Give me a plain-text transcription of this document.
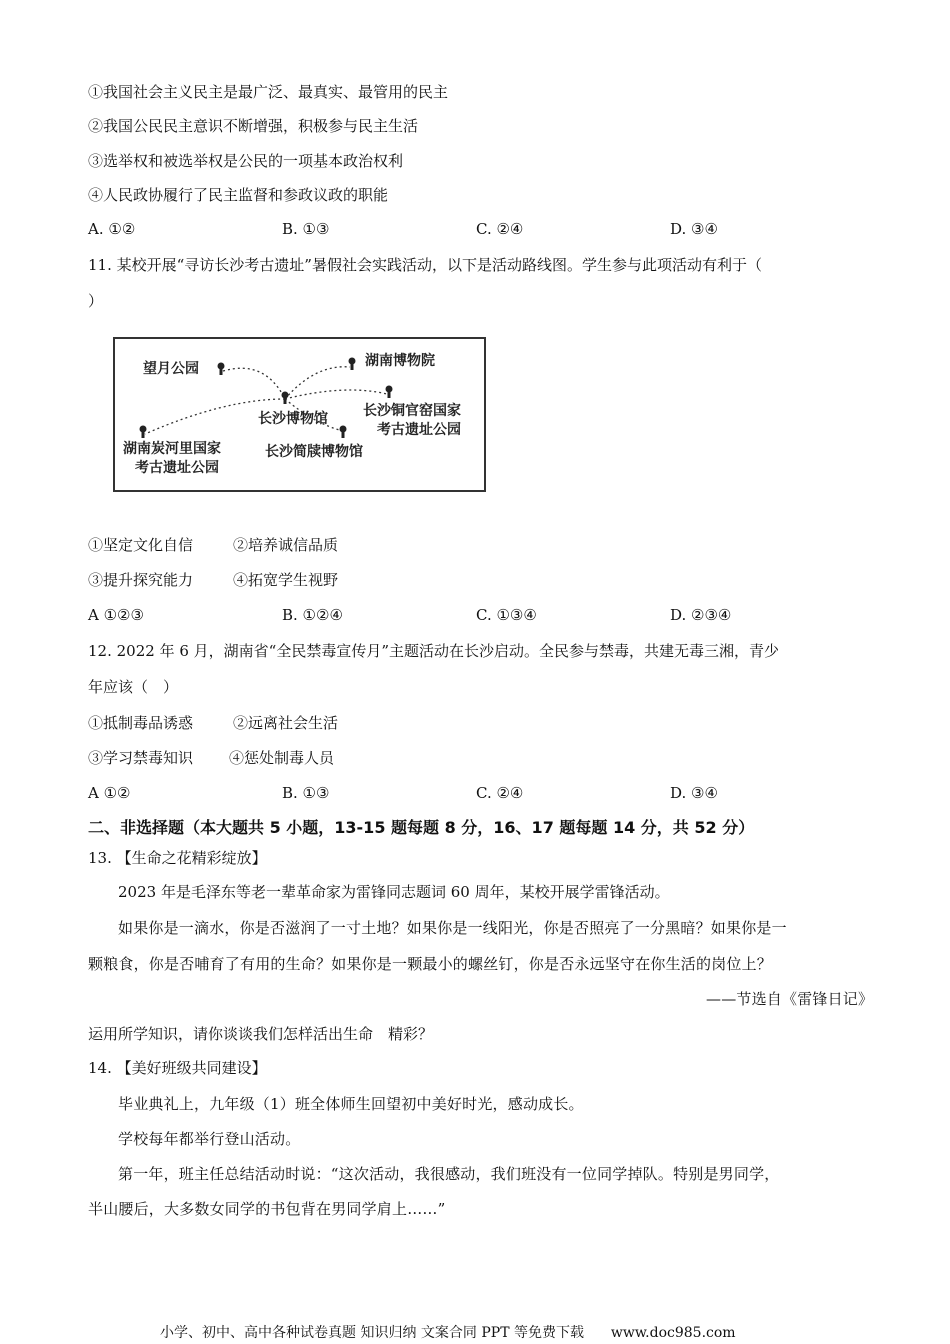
①我国社会主义民主是最广泛、最真实、最管用的民主
②我国公民民主意识不断增强，积极参与民主生活
③选举权和被选举权是公民的一项基本政治权利
④人民政协履行了民主监督和参政议政的职能
A. ①②	B. ①③	C. ②④	D. ③④
11. 某校开展“寻访长沙考古遗址”暑假社会实践活动，以下是活动路线图。学生参与此项活动有利于（
）
望月公园	湖南博物院
长沙博物馆	长沙铜官窑国家
考古遗址公园
湖南炭河里国家
考古遗址公园
长沙简牍博物馆
①坚定文化自信	②培养诚信品质
③提升探究能力	④拓宽学生视野
A ①②③	B. ①②④	C. ①③④	D. ②③④
12. 2022 年 6 月，湖南省“全民禁毒宣传月”主题活动在长沙启动。全民参与禁毒，共建无毒三湘，青少
年应该（　）
①抵制毒品诱惑	②远离社会生活
③学习禁毒知识 ④惩处制毒人员
A ①②	B. ①③	C. ②④	D. ③④
二、非选择题（本大题共 5 小题，13-15 题每题 8 分，16、17 题每题 14 分，共 52 分）
13. 【生命之花精彩绽放】
2023 年是毛泽东等老一辈革命家为雷锋同志题词 60 周年，某校开展学雷锋活动。
如果你是一滴水，你是否滋润了一寸土地？如果你是一线阳光，你是否照亮了一分黑暗？如果你是一
颗粮食，你是否哺育了有用的生命？如果你是一颗最小的螺丝钉，你是否永远坚守在你生活的岗位上？
——节选自《雷锋日记》
运用所学知识，请你谈谈我们怎样活出生命　精彩？
14. 【美好班级共同建设】
毕业典礼上，九年级（1）班全体师生回望初中美好时光，感动成长。
学校每年都举行登山活动。
第一年，班主任总结活动时说：“这次活动，我很感动，我们班没有一位同学掉队。特别是男同学，
半山腰后，大多数女同学的书包背在男同学肩上……”
小学、初中、高中各种试卷真题 知识归纳 文案合同 PPT 等免费下载 www.doc985.com
